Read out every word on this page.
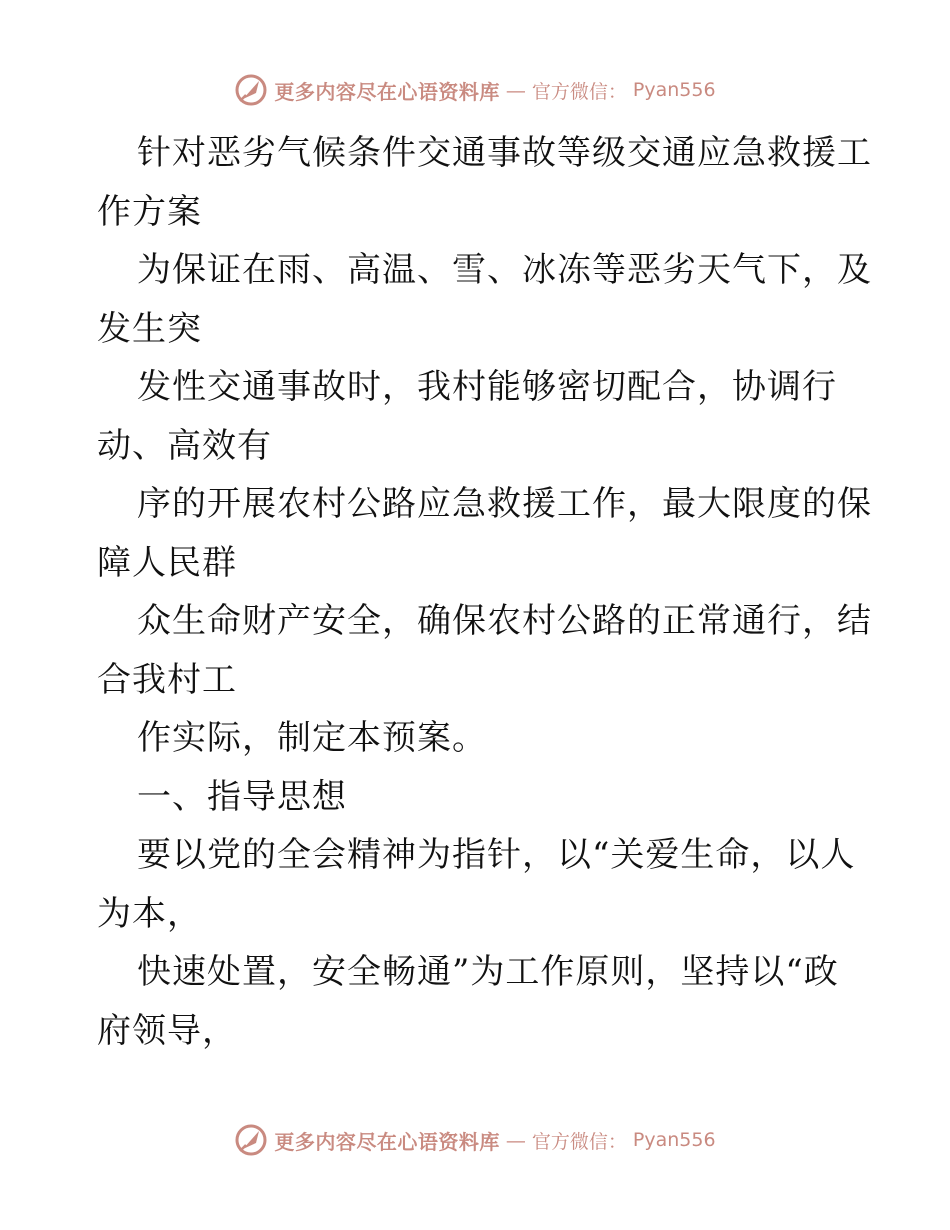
更多内容尽在心语资料库 — 官方微信： Pyan556
针对恶劣气候条件交通事故等级交通应急救援工
作方案
为保证在雨、高温、雪、冰冻等恶劣天气下，及
发生突
发性交通事故时，我村能够密切配合，协调行
动、高效有
序的开展农村公路应急救援工作，最大限度的保
障人民群
众生命财产安全，确保农村公路的正常通行，结
合我村工
作实际，制定本预案。
一、指导思想
要以党的全会精神为指针，以“关爱生命，以人
为本，
快速处置，安全畅通”为工作原则，坚持以“政
府领导，
更多内容尽在心语资料库 — 官方微信： Pyan556
